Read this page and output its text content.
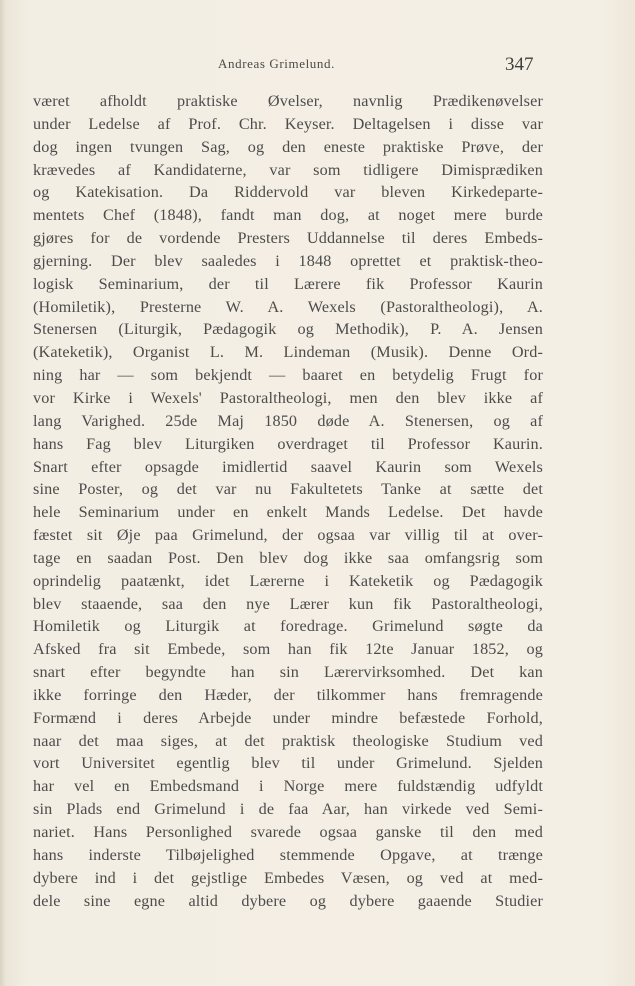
Andreas Grimelund.	347
været afholdt praktiske Øvelser, navnlig Prædikenøvelser
under Ledelse af Prof. Chr. Keyser. Deltagelsen i disse var
dog ingen tvungen Sag, og den eneste praktiske Prøve, der
krævedes af Kandidaterne, var som tidligere Dimisprædiken
og Katekisation. Da Riddervold var bleven Kirkedeparte-
mentets Chef (1848), fandt man dog, at noget mere burde
gjøres for de vordende Presters Uddannelse til deres Embeds-
gjerning. Der blev saaledes i 1848 oprettet et praktisk-theo-
logisk Seminarium, der til Lærere fik Professor Kaurin
(Homiletik), Presterne W. A. Wexels (Pastoraltheologi), A.
Stenersen (Liturgik, Pædagogik og Methodik), P. A. Jensen
(Kateketik), Organist L. M. Lindeman (Musik). Denne Ord-
ning har — som bekjendt — baaret en betydelig Frugt for
vor Kirke i Wexels' Pastoraltheologi, men den blev ikke af
lang Varighed. 25de Maj 1850 døde A. Stenersen, og af
hans Fag blev Liturgiken overdraget til Professor Kaurin.
Snart efter opsagde imidlertid saavel Kaurin som Wexels
sine Poster, og det var nu Fakultetets Tanke at sætte det
hele Seminarium under en enkelt Mands Ledelse. Det havde
fæstet sit Øje paa Grimelund, der ogsaa var villig til at over-
tage en saadan Post. Den blev dog ikke saa omfangsrig som
oprindelig paatænkt, idet Lærerne i Kateketik og Pædagogik
blev staaende, saa den nye Lærer kun fik Pastoraltheologi,
Homiletik og Liturgik at foredrage. Grimelund søgte da
Afsked fra sit Embede, som han fik 12te Januar 1852, og
snart efter begyndte han sin Lærervirksomhed. Det kan
ikke forringe den Hæder, der tilkommer hans fremragende
Formænd i deres Arbejde under mindre befæstede Forhold,
naar det maa siges, at det praktisk theologiske Studium ved
vort Universitet egentlig blev til under Grimelund. Sjelden
har vel en Embedsmand i Norge mere fuldstændig udfyldt
sin Plads end Grimelund i de faa Aar, han virkede ved Semi-
nariet. Hans Personlighed svarede ogsaa ganske til den med
hans inderste Tilbøjelighed stemmende Opgave, at trænge
dybere ind i det gejstlige Embedes Væsen, og ved at med-
dele sine egne altid dybere og dybere gaaende Studier
